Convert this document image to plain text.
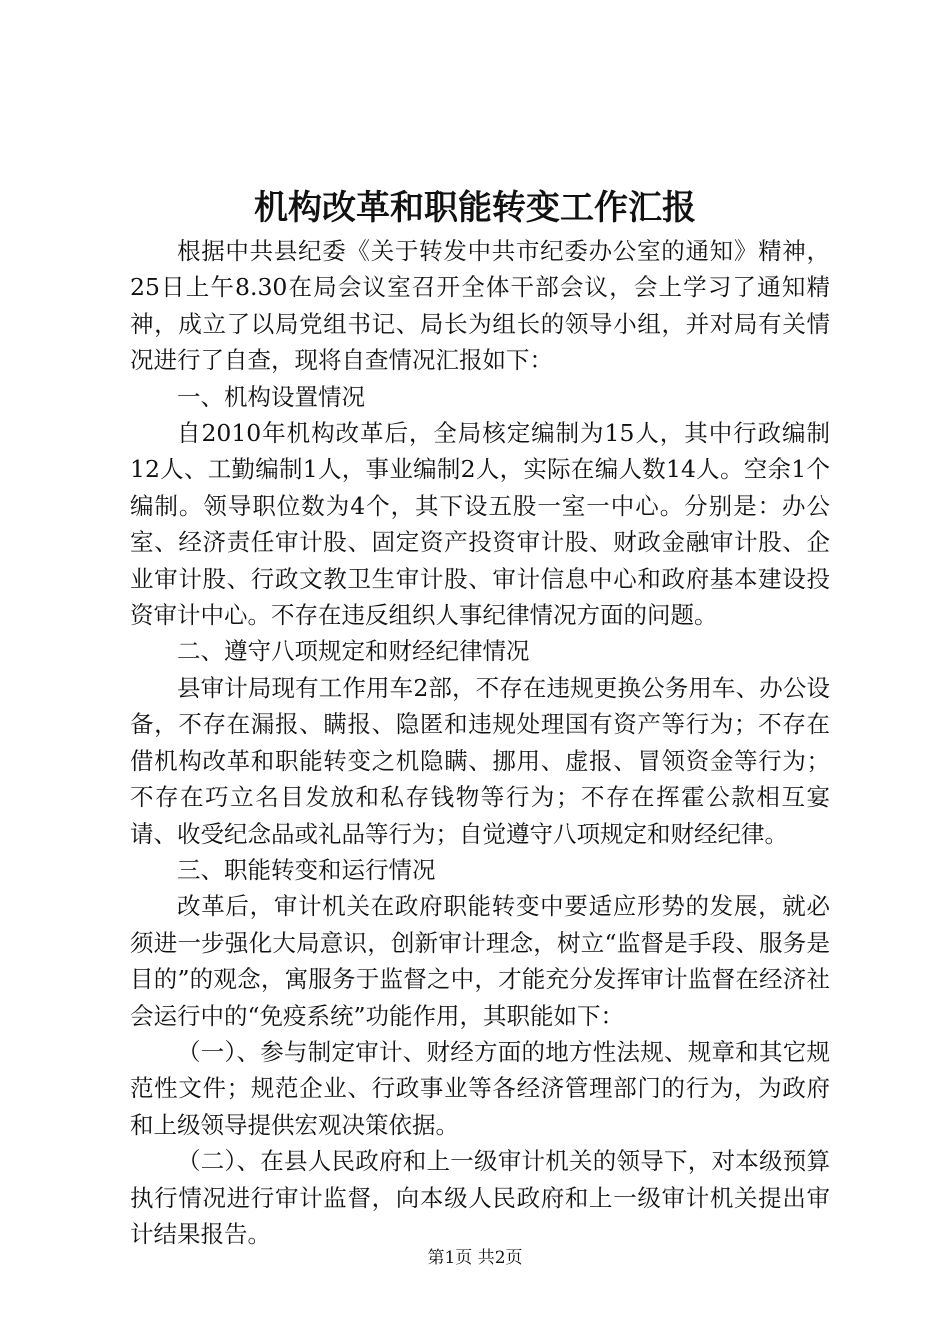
机构改革和职能转变工作汇报

根据中共县纪委《关于转发中共市纪委办公室的通知》精神，25日上午8.30在局会议室召开全体干部会议，会上学习了通知精神，成立了以局党组书记、局长为组长的领导小组，并对局有关情况进行了自查，现将自查情况汇报如下：

一、机构设置情况

自2010年机构改革后，全局核定编制为15人，其中行政编制12人、工勤编制1人，事业编制2人，实际在编人数14人。空余1个编制。领导职位数为4个，其下设五股一室一中心。分别是：办公室、经济责任审计股、固定资产投资审计股、财政金融审计股、企业审计股、行政文教卫生审计股、审计信息中心和政府基本建设投资审计中心。不存在违反组织人事纪律情况方面的问题。

二、遵守八项规定和财经纪律情况

县审计局现有工作用车2部，不存在违规更换公务用车、办公设备，不存在漏报、瞒报、隐匿和违规处理国有资产等行为；不存在借机构改革和职能转变之机隐瞒、挪用、虚报、冒领资金等行为；不存在巧立名目发放和私存钱物等行为；不存在挥霍公款相互宴请、收受纪念品或礼品等行为；自觉遵守八项规定和财经纪律。

三、职能转变和运行情况

改革后，审计机关在政府职能转变中要适应形势的发展，就必须进一步强化大局意识，创新审计理念，树立“监督是手段、服务是目的”的观念，寓服务于监督之中，才能充分发挥审计监督在经济社会运行中的“免疫系统”功能作用，其职能如下：

（一）、参与制定审计、财经方面的地方性法规、规章和其它规范性文件；规范企业、行政事业等各经济管理部门的行为，为政府和上级领导提供宏观决策依据。

（二）、在县人民政府和上一级审计机关的领导下，对本级预算执行情况进行审计监督，向本级人民政府和上一级审计机关提出审计结果报告。

第1页 共2页
